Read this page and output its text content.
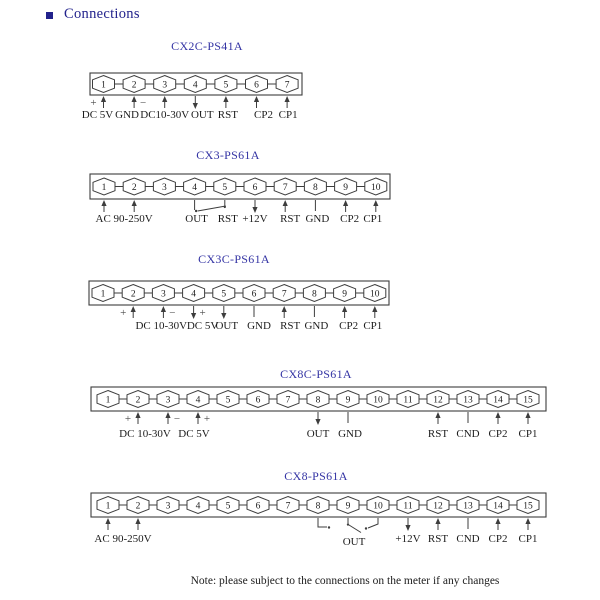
Connections
CX2C-PS41A
CX3-PS61A
CX3C-PS61A
CX8C-PS61A
CX8-PS61A
1	2	3	4	5	6	7
+	−
DC 5V GND DC10-30V OUT RST CP2 CP1
1	2	3	4	5	6	7	8	9 10
AC 90-250V	OUT RST +12V RST GND CP2 CP1
1	2	3	4	5	6	7	8	9 10
+	− +
DC 10-30V DC 5V
OUT GND RST GND CP2 CP1
1	2	3	4	5	6	7	8	9 10 11 12 13 14 15
+	− +
DC 10-30V DC 5V	OUT GND	RST CND CP2 CP1
1	2	3	4	5	6	7	8	9 10 11 12 13 14 15
AC 90-250V	OUT	+12V RST CND CP2 CP1
Note: please subject to the connections on the meter if any changes
